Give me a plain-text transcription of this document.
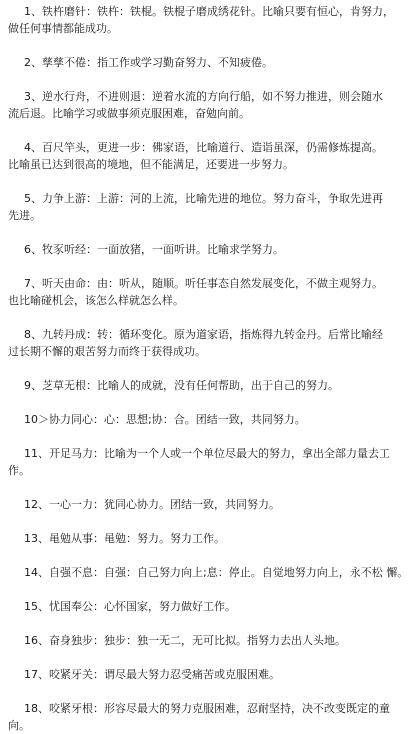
1、铁杵磨针：铁杵：铁棍。铁棍子磨成绣花针。比喻只要有恒心，肯努力，
做任何事情都能成功。
2、孳孳不倦：指工作或学习勤奋努力、不知疲倦。
3、逆水行舟，不进则退：逆着水流的方向行船，如不努力推进，则会随水
流后退。比喻学习或做事须克服困难，奋勉向前。
4、百尺竿头，更进一步：佛家语，比喻道行、造诣虽深，仍需修炼提高。
比喻虽已达到很高的境地，但不能满足，还要进一步努力。
5、力争上游：上游：河的上流，比喻先进的地位。努力奋斗，争取先进再
先进。
6、牧豕听经：一面放猪，一面听讲。比喻求学努力。
7、听天由命：由：听从，随顺。听任事态自然发展变化，不做主观努力。
也比喻碰机会，该怎么样就怎么样。
8、九转丹成：转：循环变化。原为道家语，指炼得九转金丹。后常比喻经
过长期不懈的艰苦努力而终于获得成功。
9、芝草无根：比喻人的成就，没有任何帮助，出于自己的努力。
10＞协力同心：心：思想;协：合。团结一致，共同努力。
11、开足马力：比喻为一个人或一个单位尽最大的努力，拿出全部力量去工
作。
12、一心一力：犹同心协力。团结一致，共同努力。
13、黾勉从事：黾勉：努力。努力工作。
14、自强不息：自强：自己努力向上;息：停止。自觉地努力向上，永不松 懈。
15、忧国奉公：心怀国家，努力做好工作。
16、奋身独步：独步：独一无二，无可比拟。指努力去出人头地。
17、咬紧牙关：谓尽最大努力忍受痛苦或克服困难。
18、咬紧牙根：形容尽最大的努力克服困难，忍耐坚持，决不改变既定的童
向。
